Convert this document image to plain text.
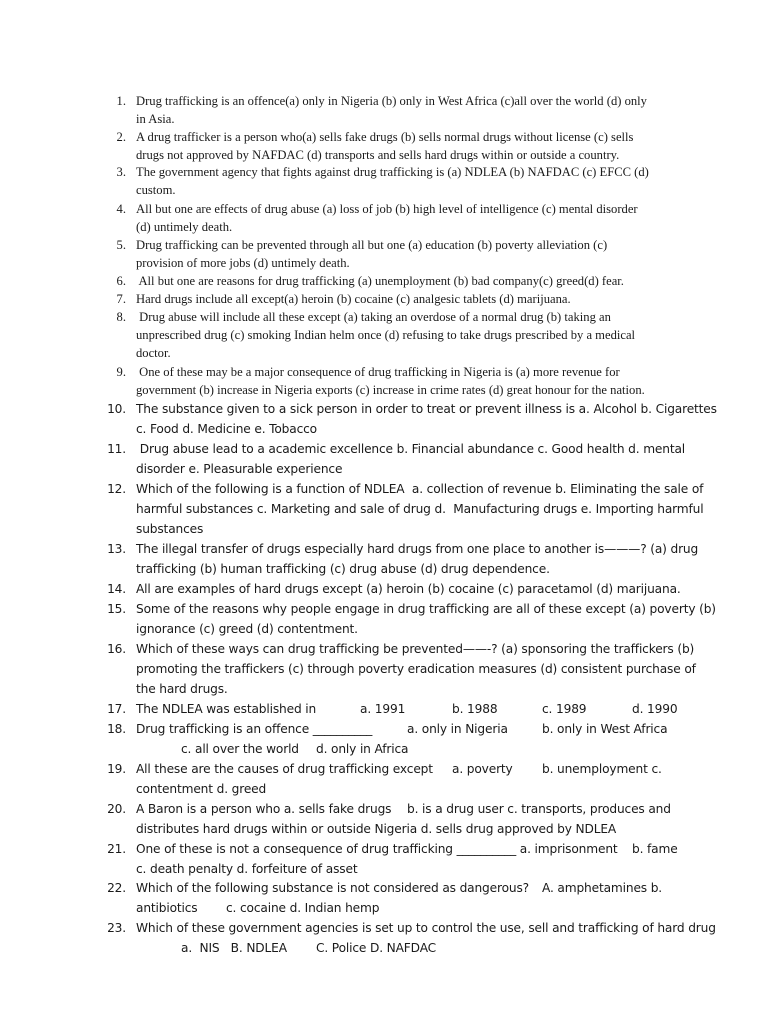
1. Drug trafficking is an offence(a) only in Nigeria (b) only in West Africa (c)all over the world (d) only
in Asia.
2. A drug trafficker is a person who(a) sells fake drugs (b) sells normal drugs without license (c) sells
drugs not approved by NAFDAC (d) transports and sells hard drugs within or outside a country.
3. The government agency that fights against drug trafficking is (a) NDLEA (b) NAFDAC (c) EFCC (d)
custom.
4. All but one are effects of drug abuse (a) loss of job (b) high level of intelligence (c) mental disorder
(d) untimely death.
5. Drug trafficking can be prevented through all but one (a) education (b) poverty alleviation (c)
provision of more jobs (d) untimely death.
6. All but one are reasons for drug trafficking (a) unemployment (b) bad company(c) greed(d) fear.
7. Hard drugs include all except(a) heroin (b) cocaine (c) analgesic tablets (d) marijuana.
8. Drug abuse will include all these except (a) taking an overdose of a normal drug (b) taking an
unprescribed drug (c) smoking Indian helm once (d) refusing to take drugs prescribed by a medical
doctor.
9. One of these may be a major consequence of drug trafficking in Nigeria is (a) more revenue for
government (b) increase in Nigeria exports (c) increase in crime rates (d) great honour for the nation.
10. The substance given to a sick person in order to treat or prevent illness is a. Alcohol b. Cigarettes
c. Food d. Medicine e. Tobacco
11. Drug abuse lead to a academic excellence b. Financial abundance c. Good health d. mental
disorder e. Pleasurable experience
12. Which of the following is a function of NDLEA  a. collection of revenue b. Eliminating the sale of
harmful substances c. Marketing and sale of drug d.  Manufacturing drugs e. Importing harmful
substances
13. The illegal transfer of drugs especially hard drugs from one place to another is———? (a) drug
trafficking (b) human trafficking (c) drug abuse (d) drug dependence.
14. All are examples of hard drugs except (a) heroin (b) cocaine (c) paracetamol (d) marijuana.
15. Some of the reasons why people engage in drug trafficking are all of these except (a) poverty (b)
ignorance (c) greed (d) contentment.
16. Which of these ways can drug trafficking be prevented——-? (a) sponsoring the traffickers (b)
promoting the traffickers (c) through poverty eradication measures (d) consistent purchase of
the hard drugs.
17. The NDLEA was established in	a. 1991	b. 1988	c. 1989	d. 1990
18. Drug trafficking is an offence __________	a. only in Nigeria	b. only in West Africa
c. all over the world d. only in Africa
19. All these are the causes of drug trafficking except a. poverty b. unemployment c.
contentment d. greed
20. A Baron is a person who a. sells fake drugs b. is a drug user c. transports, produces and
distributes hard drugs within or outside Nigeria d. sells drug approved by NDLEA
21. One of these is not a consequence of drug trafficking __________ a. imprisonment b. fame
c. death penalty d. forfeiture of asset
22. Which of the following substance is not considered as dangerous? A. amphetamines b.
antibiotics c. cocaine d. Indian hemp
23. Which of these government agencies is set up to control the use, sell and trafficking of hard drug
a.  NIS   B. NDLEA C. Police D. NAFDAC
